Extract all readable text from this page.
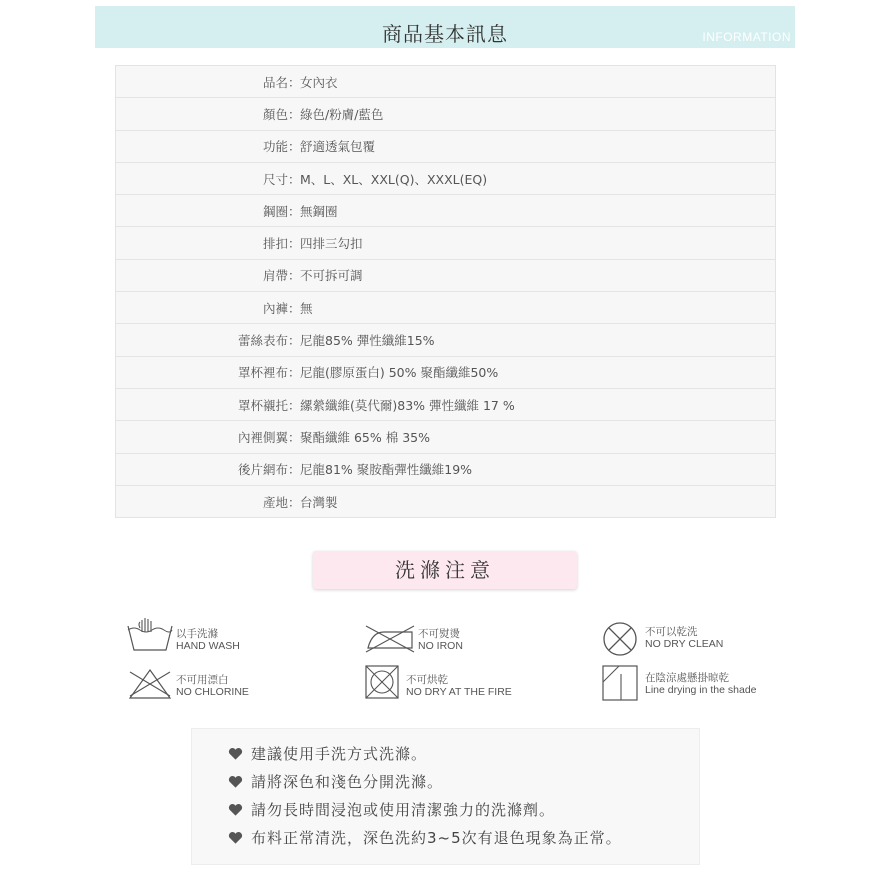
商品基本訊息	INFORMATION
品名 ： 女內衣
顏色 ： 綠色/粉膚/藍色
功能 ： 舒適透氣包覆
尺寸 ： M、L、XL、XXL(Q)、XXXL(EQ)
鋼圈 ： 無鋼圈
排扣 ： 四排三勾扣
肩帶 ： 不可拆可調
內褲 ： 無
蕾絲表布 ： 尼龍85% 彈性纖維15%
罩杯裡布 ： 尼龍(膠原蛋白) 50% 聚酯纖維50%
罩杯襯托 ： 縲縈纖維(莫代爾)83% 彈性纖維 17 %
內裡側翼 ： 聚酯纖維 65% 棉 35%
後片網布 ： 尼龍81% 聚胺酯彈性纖維19%
產地 ： 台灣製
洗滌注意
以手洗滌
HAND WASH
不可熨燙
NO IRON
不可以乾洗
NO DRY CLEAN
不可用漂白
NO CHLORINE
不可烘乾
NO DRY AT THE FIRE
在陰涼處懸掛晾乾
Line drying in the shade
建議使用手洗方式洗滌。
請將深色和淺色分開洗滌。
請勿長時間浸泡或使用清潔強力的洗滌劑。
布料正常清洗，深色洗約3~5次有退色現象為正常。
